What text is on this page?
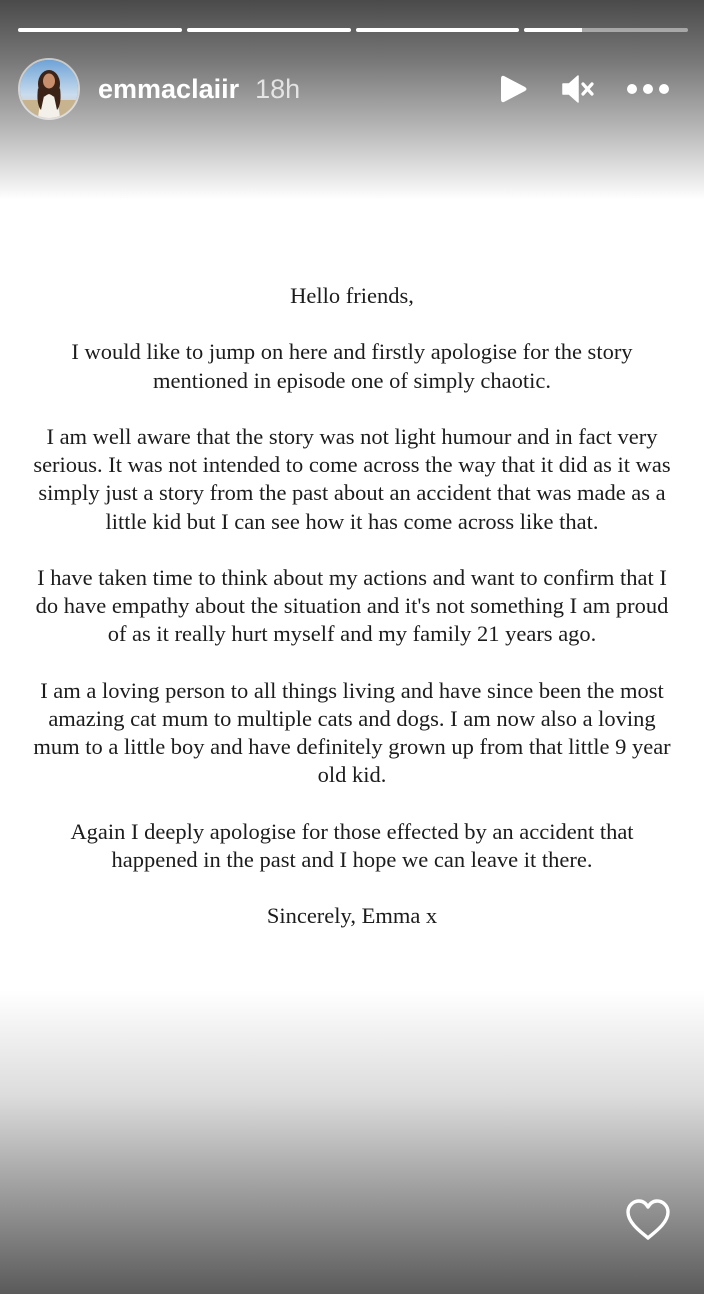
emmaclaiir 18h

Hello friends,

I would like to jump on here and firstly apologise for the story mentioned in episode one of simply chaotic.

I am well aware that the story was not light humour and in fact very serious. It was not intended to come across the way that it did as it was simply just a story from the past about an accident that was made as a little kid but I can see how it has come across like that.

I have taken time to think about my actions and want to confirm that I do have empathy about the situation and it's not something I am proud of as it really hurt myself and my family 21 years ago.

I am a loving person to all things living and have since been the most amazing cat mum to multiple cats and dogs. I am now also a loving mum to a little boy and have definitely grown up from that little 9 year old kid.

Again I deeply apologise for those effected by an accident that happened in the past and I hope we can leave it there.

Sincerely, Emma x
